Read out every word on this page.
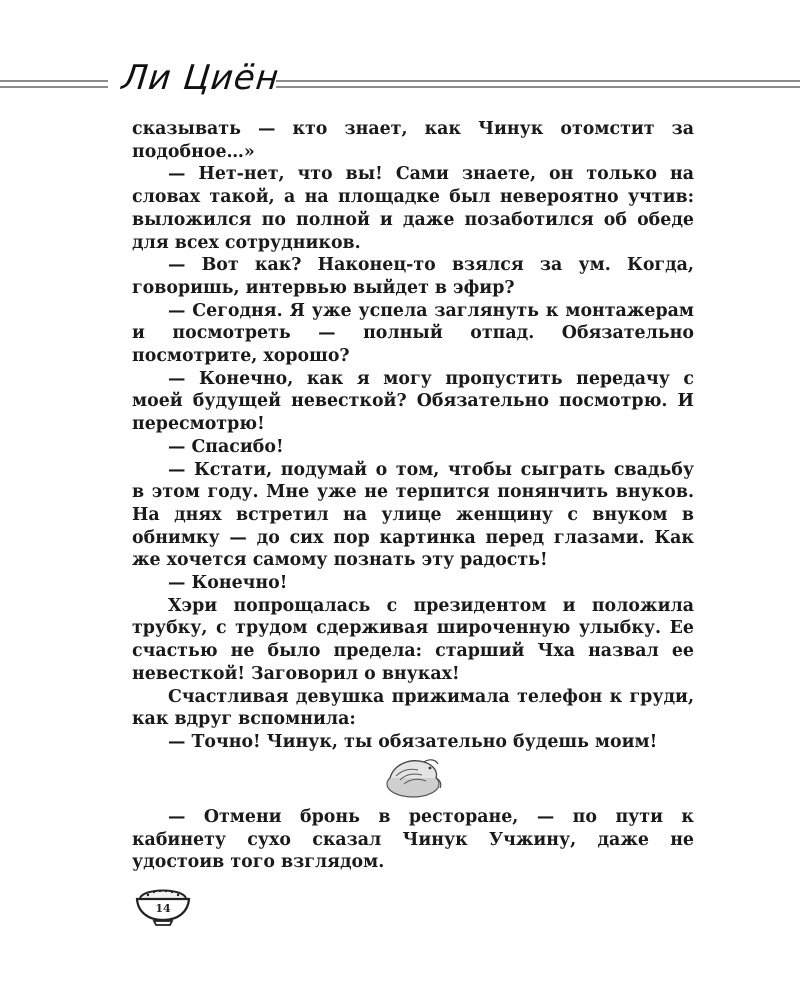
Ли Циён

сказывать — кто знает, как Чинук отомстит за подобное…»

— Нет-нет, что вы! Сами знаете, он только на словах такой, а на площадке был невероятно учтив: выложился по полной и даже позаботился об обеде для всех сотрудников.

— Вот как? Наконец-то взялся за ум. Когда, говоришь, интервью выйдет в эфир?

— Сегодня. Я уже успела заглянуть к монтажерам и посмотреть — полный отпад. Обязательно посмотрите, хорошо?

— Конечно, как я могу пропустить передачу с моей будущей невесткой? Обязательно посмотрю. И пересмотрю!

— Спасибо!

— Кстати, подумай о том, чтобы сыграть свадьбу в этом году. Мне уже не терпится понянчить внуков. На днях встретил на улице женщину с внуком в обнимку — до сих пор картинка перед глазами. Как же хочется самому познать эту радость!

— Конечно!

Хэри попрощалась с президентом и положила трубку, с трудом сдерживая широченную улыбку. Ее счастью не было предела: старший Чха назвал ее невесткой! Заговорил о внуках!

Счастливая девушка прижимала телефон к груди, как вдруг вспомнила:

— Точно! Чинук, ты обязательно будешь моим!

— Отмени бронь в ресторане, — по пути к кабинету сухо сказал Чинук Учжину, даже не удостоив того взглядом.

14
